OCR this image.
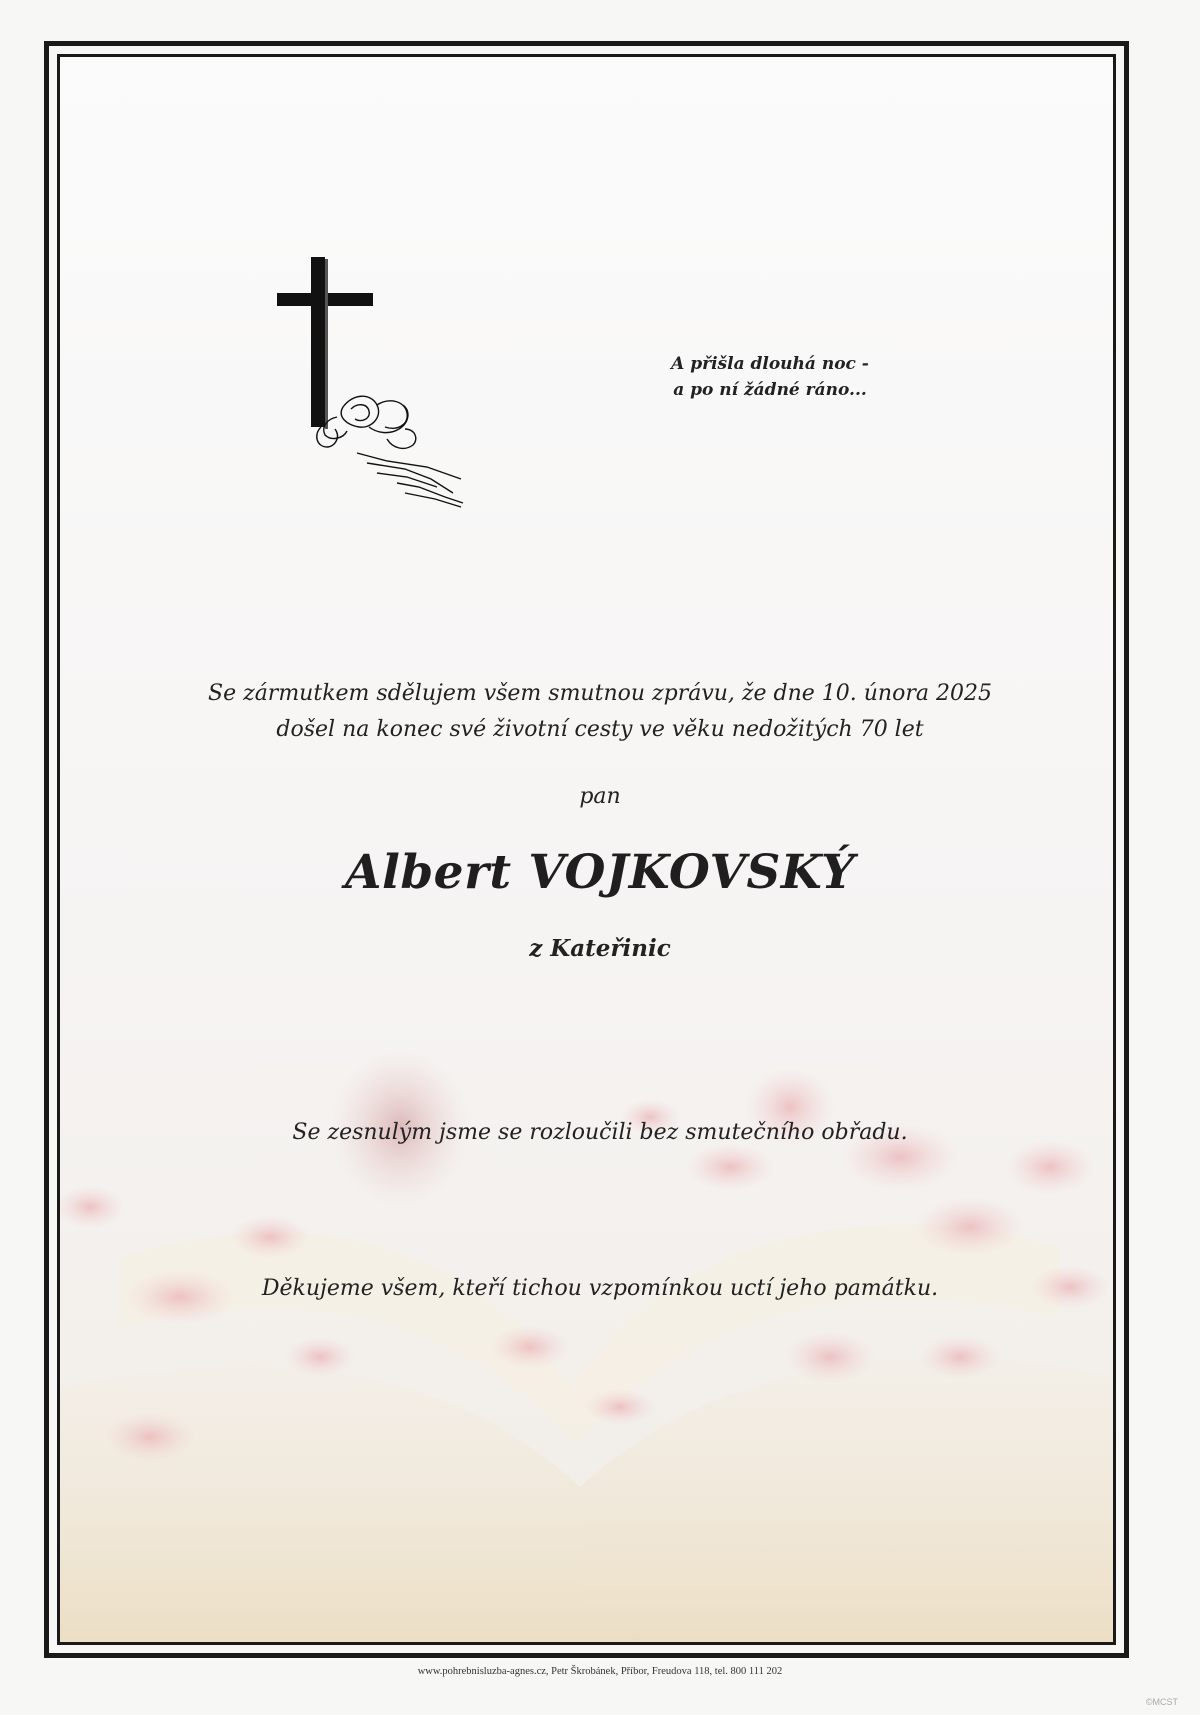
A přišla dlouhá noc -
a po ní žádné ráno...
Se zármutkem sdělujem všem smutnou zprávu, že dne 10. února 2025
došel na konec své životní cesty ve věku nedožitých 70 let
pan
Albert VOJKOVSKÝ
z Kateřinic
Se zesnulým jsme se rozloučili bez smutečního obřadu.
Děkujeme všem, kteří tichou vzpomínkou uctí jeho památku.
www.pohrebnisluzba-agnes.cz, Petr Škrobánek, Příbor, Freudova 118, tel. 800 111 202
©MCST
